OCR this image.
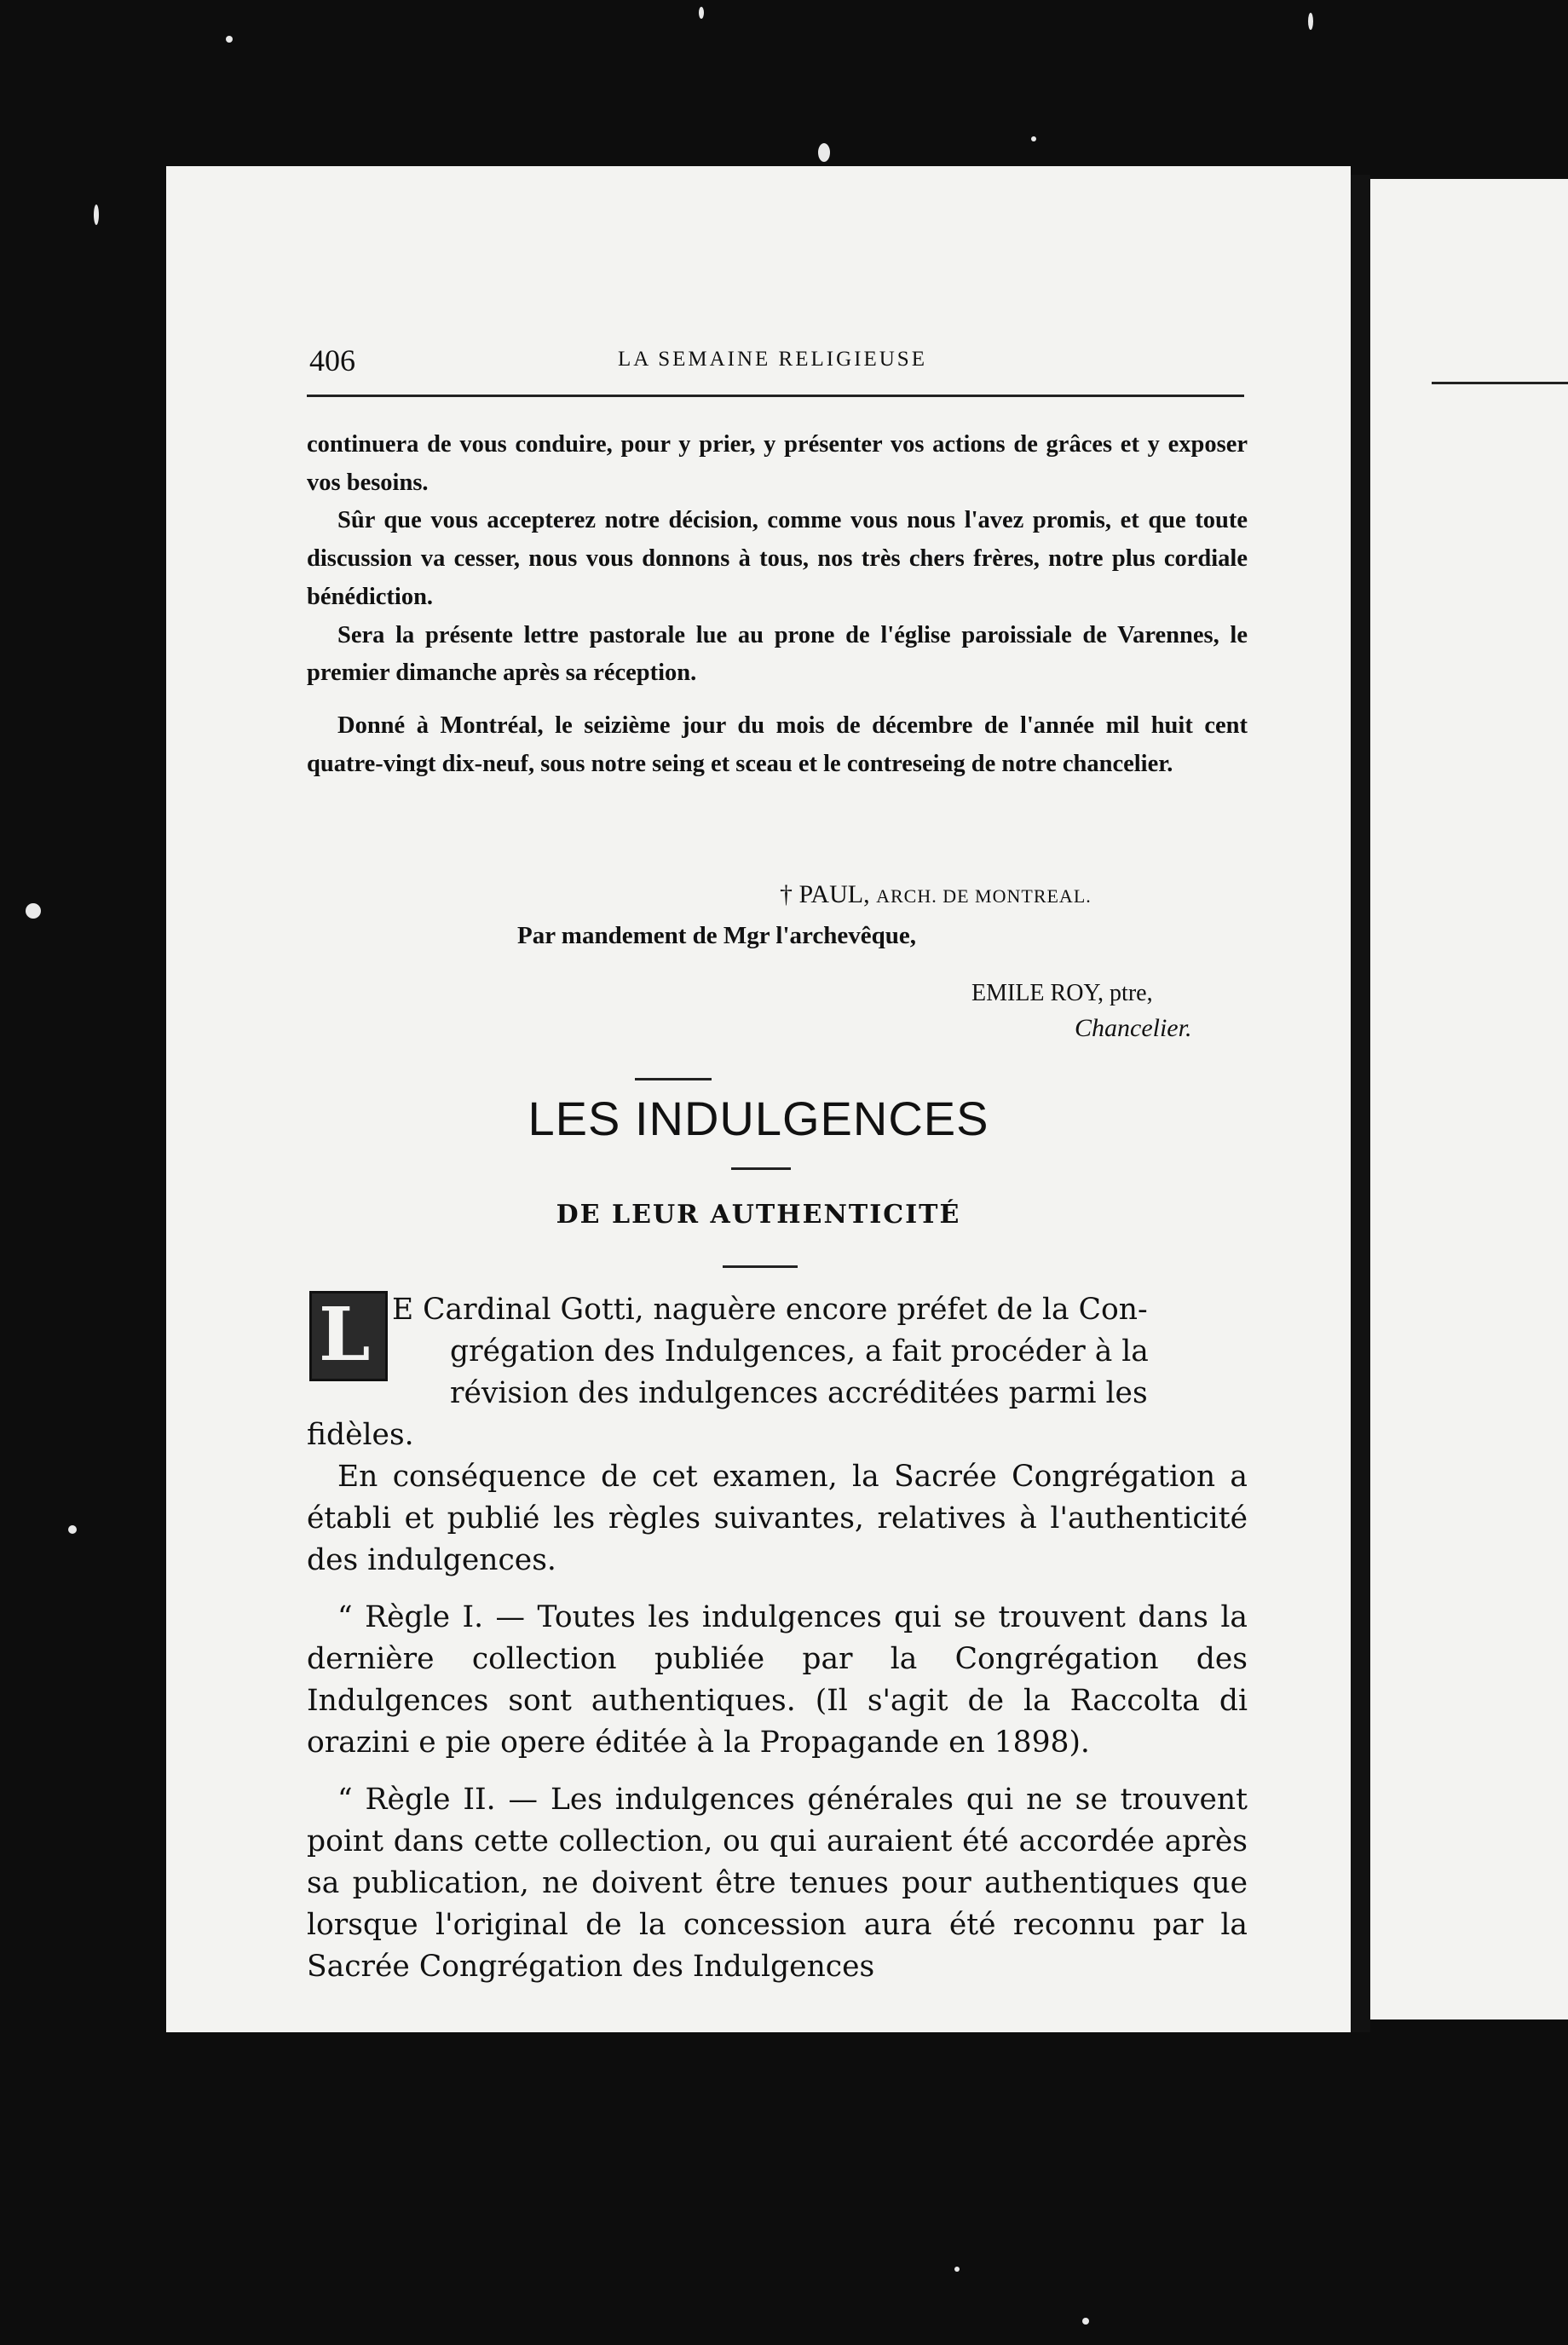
406	LA SEMAINE RELIGIEUSE

continuera de vous conduire, pour y prier, y présenter vos actions de grâces et y exposer vos besoins.

Sûr que vous accepterez notre décision, comme vous nous l'avez promis, et que toute discussion va cesser, nous vous donnons à tous, nos très chers frères, notre plus cordiale bénédiction.

Sera la présente lettre pastorale lue au prone de l'église paroissiale de Varennes, le premier dimanche après sa réception.

Donné à Montréal, le seizième jour du mois de décembre de l'année mil huit cent quatre-vingt dix-neuf, sous notre seing et sceau et le contreseing de notre chancelier.

† PAUL, ARCH. DE MONTREAL.
Par mandement de Mgr l'archevêque,
EMILE ROY, ptre,
Chancelier.
LES INDULGENCES
DE LEUR AUTHENTICITÉ
L E Cardinal Gotti, naguère encore préfet de la Con-

grégation des Indulgences, a fait procéder à la

révision des indulgences accréditées parmi les

fidèles.

En conséquence de cet examen, la Sacrée Congrégation a établi et publié les règles suivantes, relatives à l'authenticité des indulgences.

“ Règle I. — Toutes les indulgences qui se trouvent dans la dernière collection publiée par la Congrégation des Indulgences sont authentiques. (Il s'agit de la Raccolta di orazini e pie opere éditée à la Propagande en 1898).

“ Règle II. — Les indulgences générales qui ne se trouvent point dans cette collection, ou qui auraient été accordée après sa publication, ne doivent être tenues pour authentiques que lorsque l'original de la concession aura été reconnu par la Sacrée Congrégation des Indulgences
